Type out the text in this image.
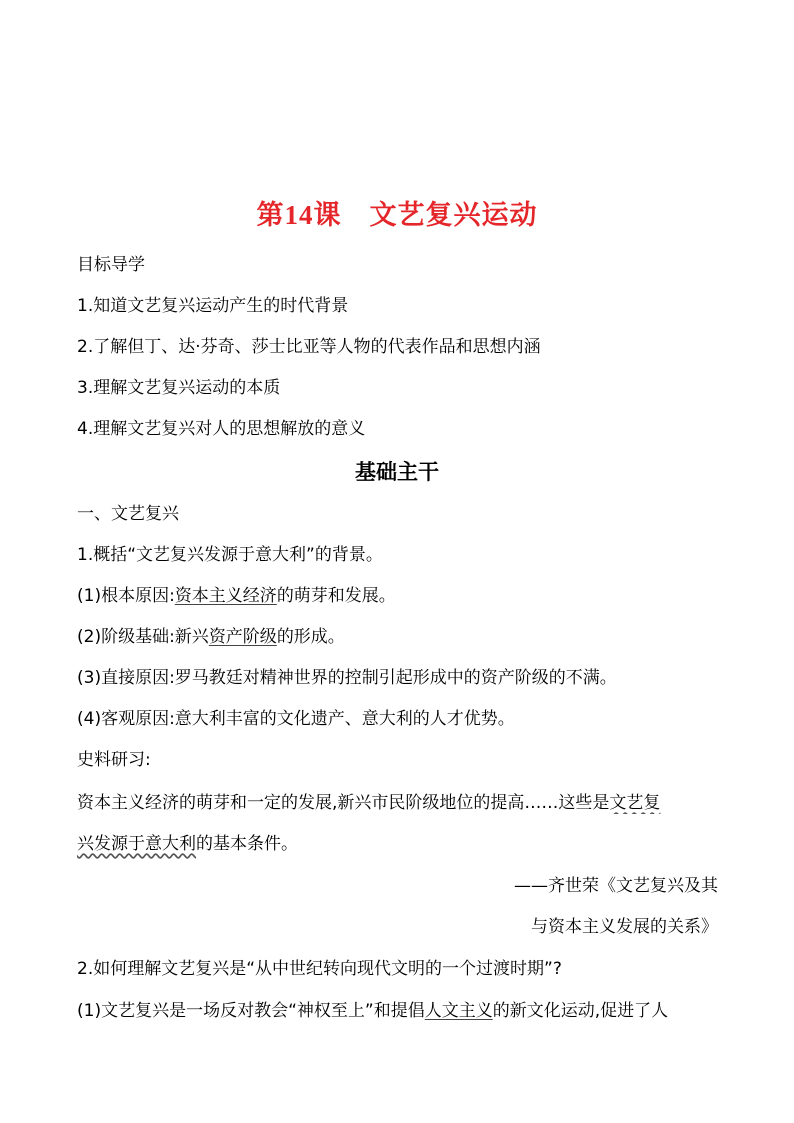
第14课 文艺复兴运动
目标导学
1.知道文艺复兴运动产生的时代背景
2.了解但丁、达·芬奇、莎士比亚等人物的代表作品和思想内涵
3.理解文艺复兴运动的本质
4.理解文艺复兴对人的思想解放的意义
基础主干
一、文艺复兴
1.概括“文艺复兴发源于意大利”的背景。
(1)根本原因:资本主义经济的萌芽和发展。
(2)阶级基础:新兴资产阶级的形成。
(3)直接原因:罗马教廷对精神世界的控制引起形成中的资产阶级的不满。
(4)客观原因:意大利丰富的文化遗产、意大利的人才优势。
史料研习:
资本主义经济的萌芽和一定的发展,新兴市民阶级地位的提高……这些是文艺复
兴发源于意大利的基本条件。
——齐世荣《文艺复兴及其
与资本主义发展的关系》
2.如何理解文艺复兴是“从中世纪转向现代文明的一个过渡时期”?
(1)文艺复兴是一场反对教会“神权至上”和提倡人文主义的新文化运动,促进了人
